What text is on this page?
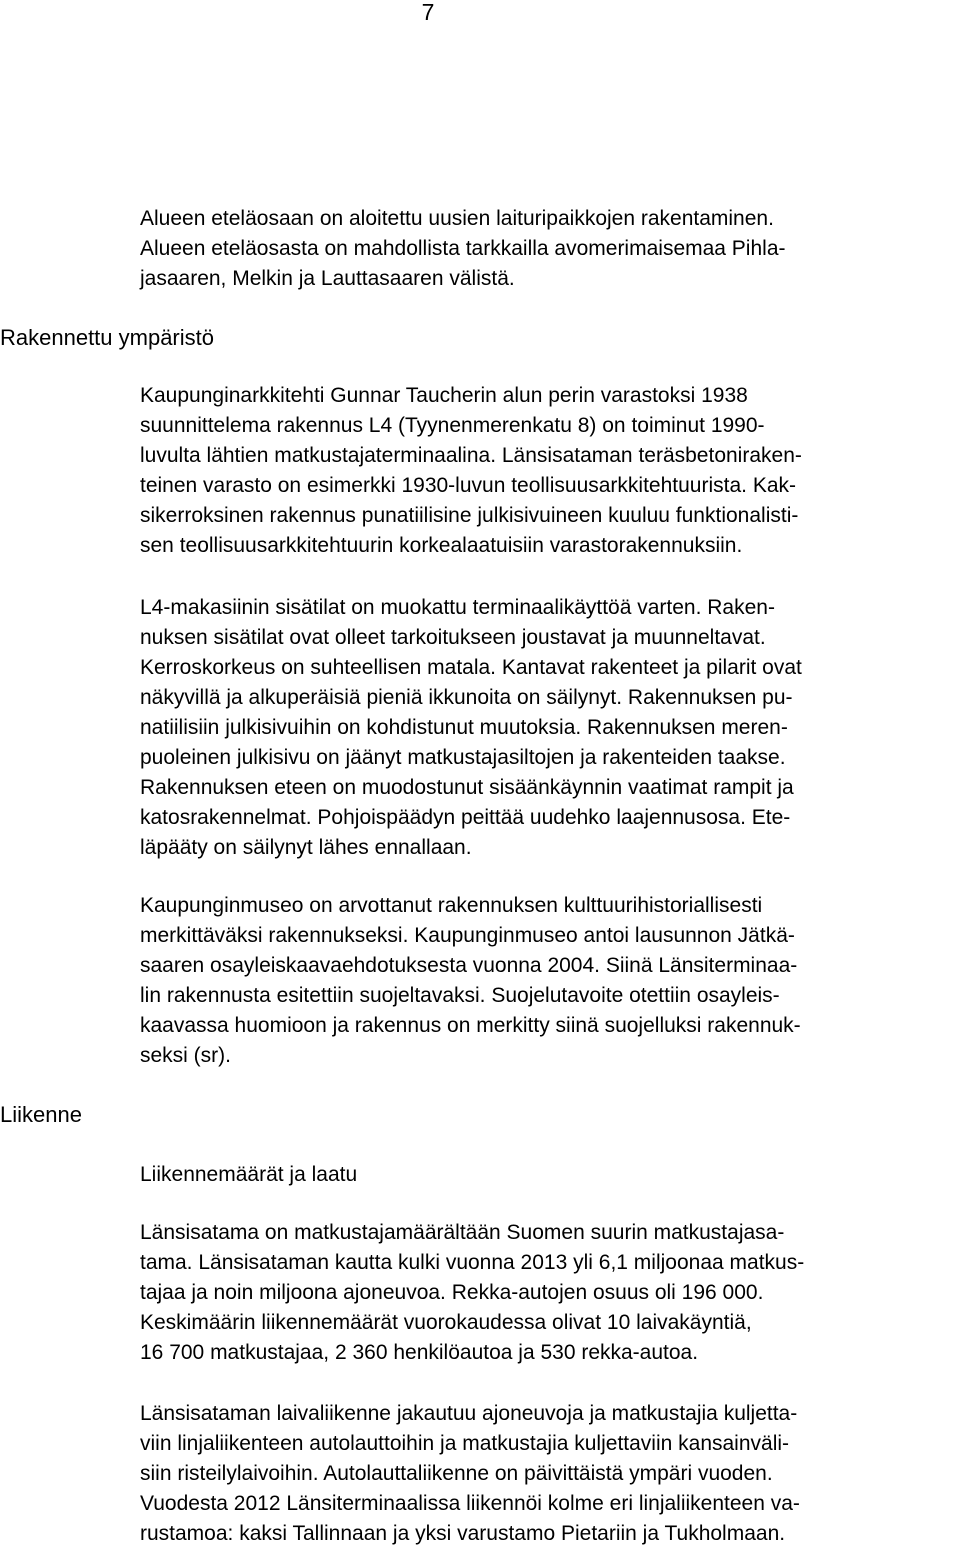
7
Rakennettu ympäristö
Liikenne
Alueen eteläosaan on aloitettu uusien laituripaikkojen rakentaminen.
Alueen eteläosasta on mahdollista tarkkailla avomerimaisemaa Pihla-
jasaaren, Melkin ja Lauttasaaren välistä.
Kaupunginarkkitehti Gunnar Taucherin alun perin varastoksi 1938
suunnittelema rakennus L4 (Tyynenmerenkatu 8) on toiminut 1990-
luvulta lähtien matkustajaterminaalina. Länsisataman teräsbetoniraken-
teinen varasto on esimerkki 1930-luvun teollisuusarkkitehtuurista. Kak-
sikerroksinen rakennus punatiilisine julkisivuineen kuuluu funktionalisti-
sen teollisuusarkkitehtuurin korkealaatuisiin varastorakennuksiin.
L4-makasiinin sisätilat on muokattu terminaalikäyttöä varten. Raken-
nuksen sisätilat ovat olleet tarkoitukseen joustavat ja muunneltavat.
Kerroskorkeus on suhteellisen matala. Kantavat rakenteet ja pilarit ovat
näkyvillä ja alkuperäisiä pieniä ikkunoita on säilynyt. Rakennuksen pu-
natiilisiin julkisivuihin on kohdistunut muutoksia. Rakennuksen meren-
puoleinen julkisivu on jäänyt matkustajasiltojen ja rakenteiden taakse.
Rakennuksen eteen on muodostunut sisäänkäynnin vaatimat rampit ja
katosrakennelmat. Pohjoispäädyn peittää uudehko laajennusosa. Ete-
läpääty on säilynyt lähes ennallaan.
Kaupunginmuseo on arvottanut rakennuksen kulttuurihistoriallisesti
merkittäväksi rakennukseksi. Kaupunginmuseo antoi lausunnon Jätkä-
saaren osayleiskaavaehdotuksesta vuonna 2004. Siinä Länsiterminaa-
lin rakennusta esitettiin suojeltavaksi. Suojelutavoite otettiin osayleis-
kaavassa huomioon ja rakennus on merkitty siinä suojelluksi rakennuk-
seksi (sr).
Liikennemäärät ja laatu
Länsisatama on matkustajamäärältään Suomen suurin matkustajasa-
tama. Länsisataman kautta kulki vuonna 2013 yli 6,1 miljoonaa matkus-
tajaa ja noin miljoona ajoneuvoa. Rekka-autojen osuus oli 196 000.
Keskimäärin liikennemäärät vuorokaudessa olivat 10 laivakäyntiä,
16 700 matkustajaa, 2 360 henkilöautoa ja 530 rekka-autoa.
Länsisataman laivaliikenne jakautuu ajoneuvoja ja matkustajia kuljetta-
viin linjaliikenteen autolauttoihin ja matkustajia kuljettaviin kansainväli-
siin risteilylaivoihin. Autolauttaliikenne on päivittäistä ympäri vuoden.
Vuodesta 2012 Länsiterminaalissa liikennöi kolme eri linjaliikenteen va-
rustamoa: kaksi Tallinnaan ja yksi varustamo Pietariin ja Tukholmaan.
